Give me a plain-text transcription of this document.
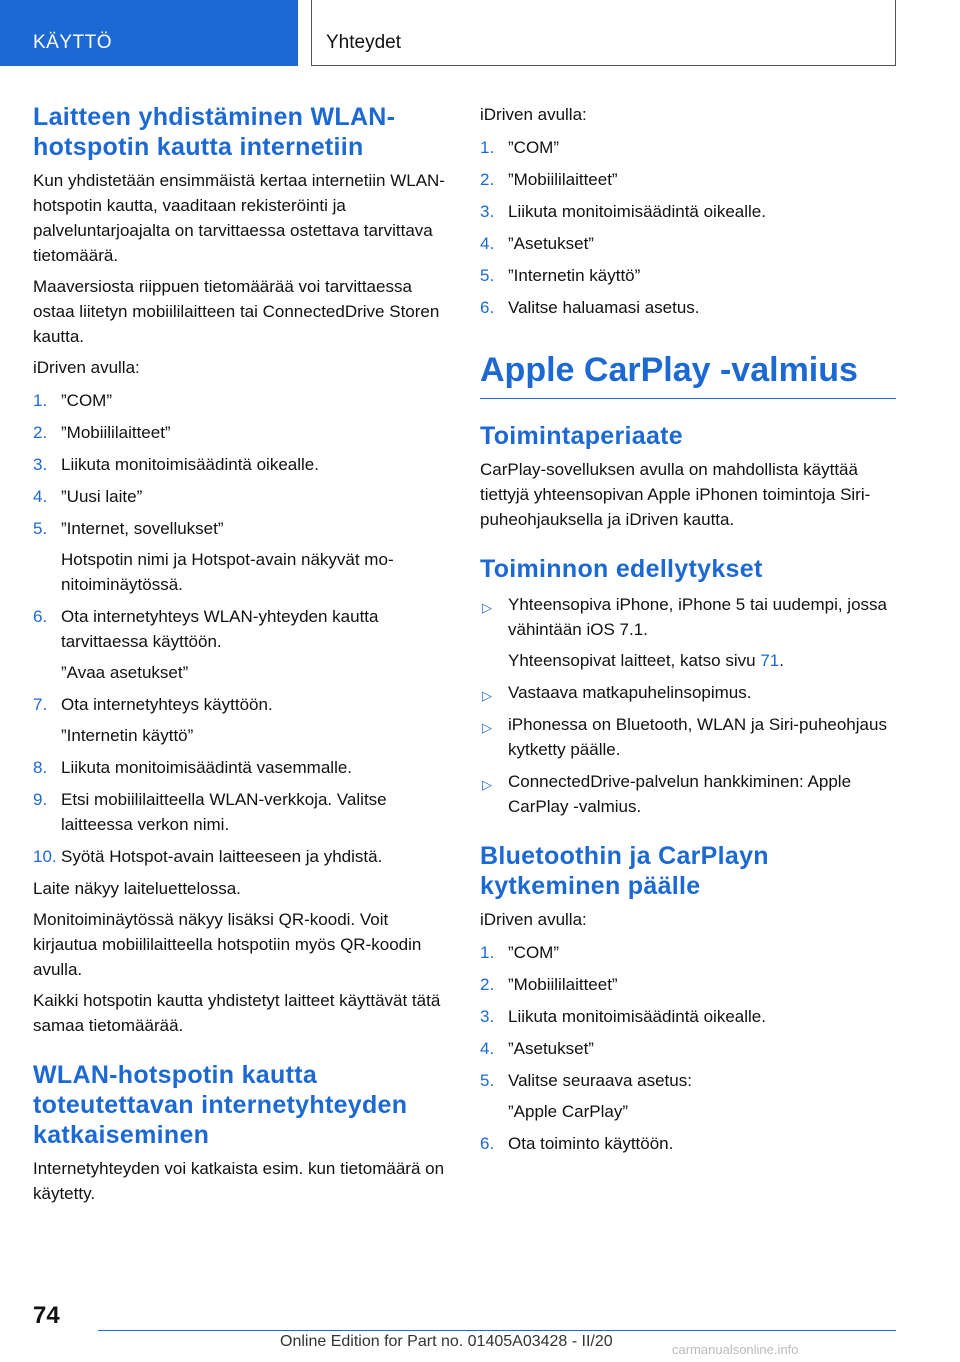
KÄYTTÖ	Yhteydet
Laitteen yhdistäminen WLAN-hotspotin kautta internetiin
Kun yhdistetään ensimmäistä kertaa internetiin WLAN-hotspotin kautta, vaaditaan rekisteröinti ja palveluntarjoajalta on tarvittaessa ostettava tarvittava tietomäärä.
Maaversiosta riippuen tietomäärää voi tarvittaessa ostaa liitetyn mobiililaitteen tai ConnectedDrive Storen kautta.
iDriven avulla:
1. ”COM”
2. ”Mobiililaitteet”
3. Liikuta monitoimisäädintä oikealle.
4. ”Uusi laite”
5. ”Internet, sovellukset”
Hotspotin nimi ja Hotspot-avain näkyvät monitoiminäytössä.
6. Ota internetyhteys WLAN-yhteyden kautta tarvittaessa käyttöön.
”Avaa asetukset”
7. Ota internetyhteys käyttöön.
”Internetin käyttö”
8. Liikuta monitoimisäädintä vasemmalle.
9. Etsi mobiililaitteella WLAN-verkkoja. Valitse laitteessa verkon nimi.
10. Syötä Hotspot-avain laitteeseen ja yhdistä.
Laite näkyy laiteluettelossa.
Monitoiminäytössä näkyy lisäksi QR-koodi. Voit kirjautua mobiililaitteella hotspotiin myös QR-koodin avulla.
Kaikki hotspotin kautta yhdistetyt laitteet käyttävät tätä samaa tietomäärää.
WLAN-hotspotin kautta toteutettavan internetyhteyden katkaiseminen
Internetyhteyden voi katkaista esim. kun tietomäärä on käytetty.
iDriven avulla:
1. ”COM”
2. ”Mobiililaitteet”
3. Liikuta monitoimisäädintä oikealle.
4. ”Asetukset”
5. ”Internetin käyttö”
6. Valitse haluamasi asetus.
Apple CarPlay -valmius
Toimintaperiaate
CarPlay-sovelluksen avulla on mahdollista käyttää tiettyjä yhteensopivan Apple iPhonen toimintoja Siri-puheohjauksella ja iDriven kautta.
Toiminnon edellytykset
▷ Yhteensopiva iPhone, iPhone 5 tai uudempi, jossa vähintään iOS 7.1.
Yhteensopivat laitteet, katso sivu 71.
▷ Vastaava matkapuhelinsopimus.
▷ iPhonessa on Bluetooth, WLAN ja Siri-puheohjaus kytketty päälle.
▷ ConnectedDrive-palvelun hankkiminen: Apple CarPlay -valmius.
Bluetoothin ja CarPlayn kytkeminen päälle
iDriven avulla:
1. ”COM”
2. ”Mobiililaitteet”
3. Liikuta monitoimisäädintä oikealle.
4. ”Asetukset”
5. Valitse seuraava asetus:
”Apple CarPlay”
6. Ota toiminto käyttöön.
74
Online Edition for Part no. 01405A03428 - II/20	carmanualsonline.info
